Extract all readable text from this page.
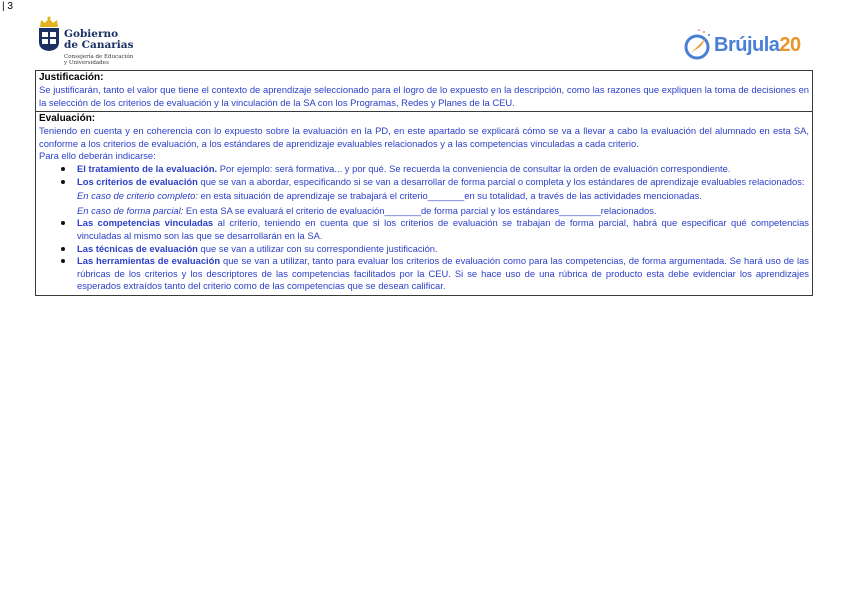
| 3
Gobierno
de Canarias
Consejería de Educación
y Universidades
Brújula20
Justificación:
Se justificarán, tanto el valor que tiene el contexto de aprendizaje seleccionado para el logro de lo expuesto en la descripción, como las razones que expliquen la toma de decisiones en la selección de los criterios de evaluación y la vinculación de la SA con los Programas, Redes y Planes de la CEU.
Evaluación:
Teniendo en cuenta y en coherencia con lo expuesto sobre la evaluación en la PD, en este apartado se explicará cómo se va a llevar a cabo la evaluación del alumnado en esta SA, conforme a los criterios de evaluación, a los estándares de aprendizaje evaluables relacionados y a las competencias vinculadas a cada criterio.
Para ello deberán indicarse:
El tratamiento de la evaluación. Por ejemplo: será formativa... y por qué. Se recuerda la conveniencia de consultar la orden de evaluación correspondiente.
Los criterios de evaluación que se van a abordar, especificando si se van a desarrollar de forma parcial o completa y los estándares de aprendizaje evaluables relacionados:
En caso de criterio completo: en esta situación de aprendizaje se trabajará el criterio_______en su totalidad, a través de las actividades mencionadas.
En caso de forma parcial: En esta SA se evaluará el criterio de evaluación_______de forma parcial y los estándares________relacionados.
Las competencias vinculadas al criterio, teniendo en cuenta que si los criterios de evaluación se trabajan de forma parcial, habrá que especificar qué competencias vinculadas al mismo son las que se desarrollarán en la SA.
Las técnicas de evaluación que se van a utilizar con su correspondiente justificación.
Las herramientas de evaluación que se van a utilizar, tanto para evaluar los criterios de evaluación como para las competencias, de forma argumentada. Se hará uso de las rúbricas de los criterios y los descriptores de las competencias facilitados por la CEU. Si se hace uso de una rúbrica de producto esta debe evidenciar los aprendizajes esperados extraídos tanto del criterio como de las competencias que se desean calificar.
